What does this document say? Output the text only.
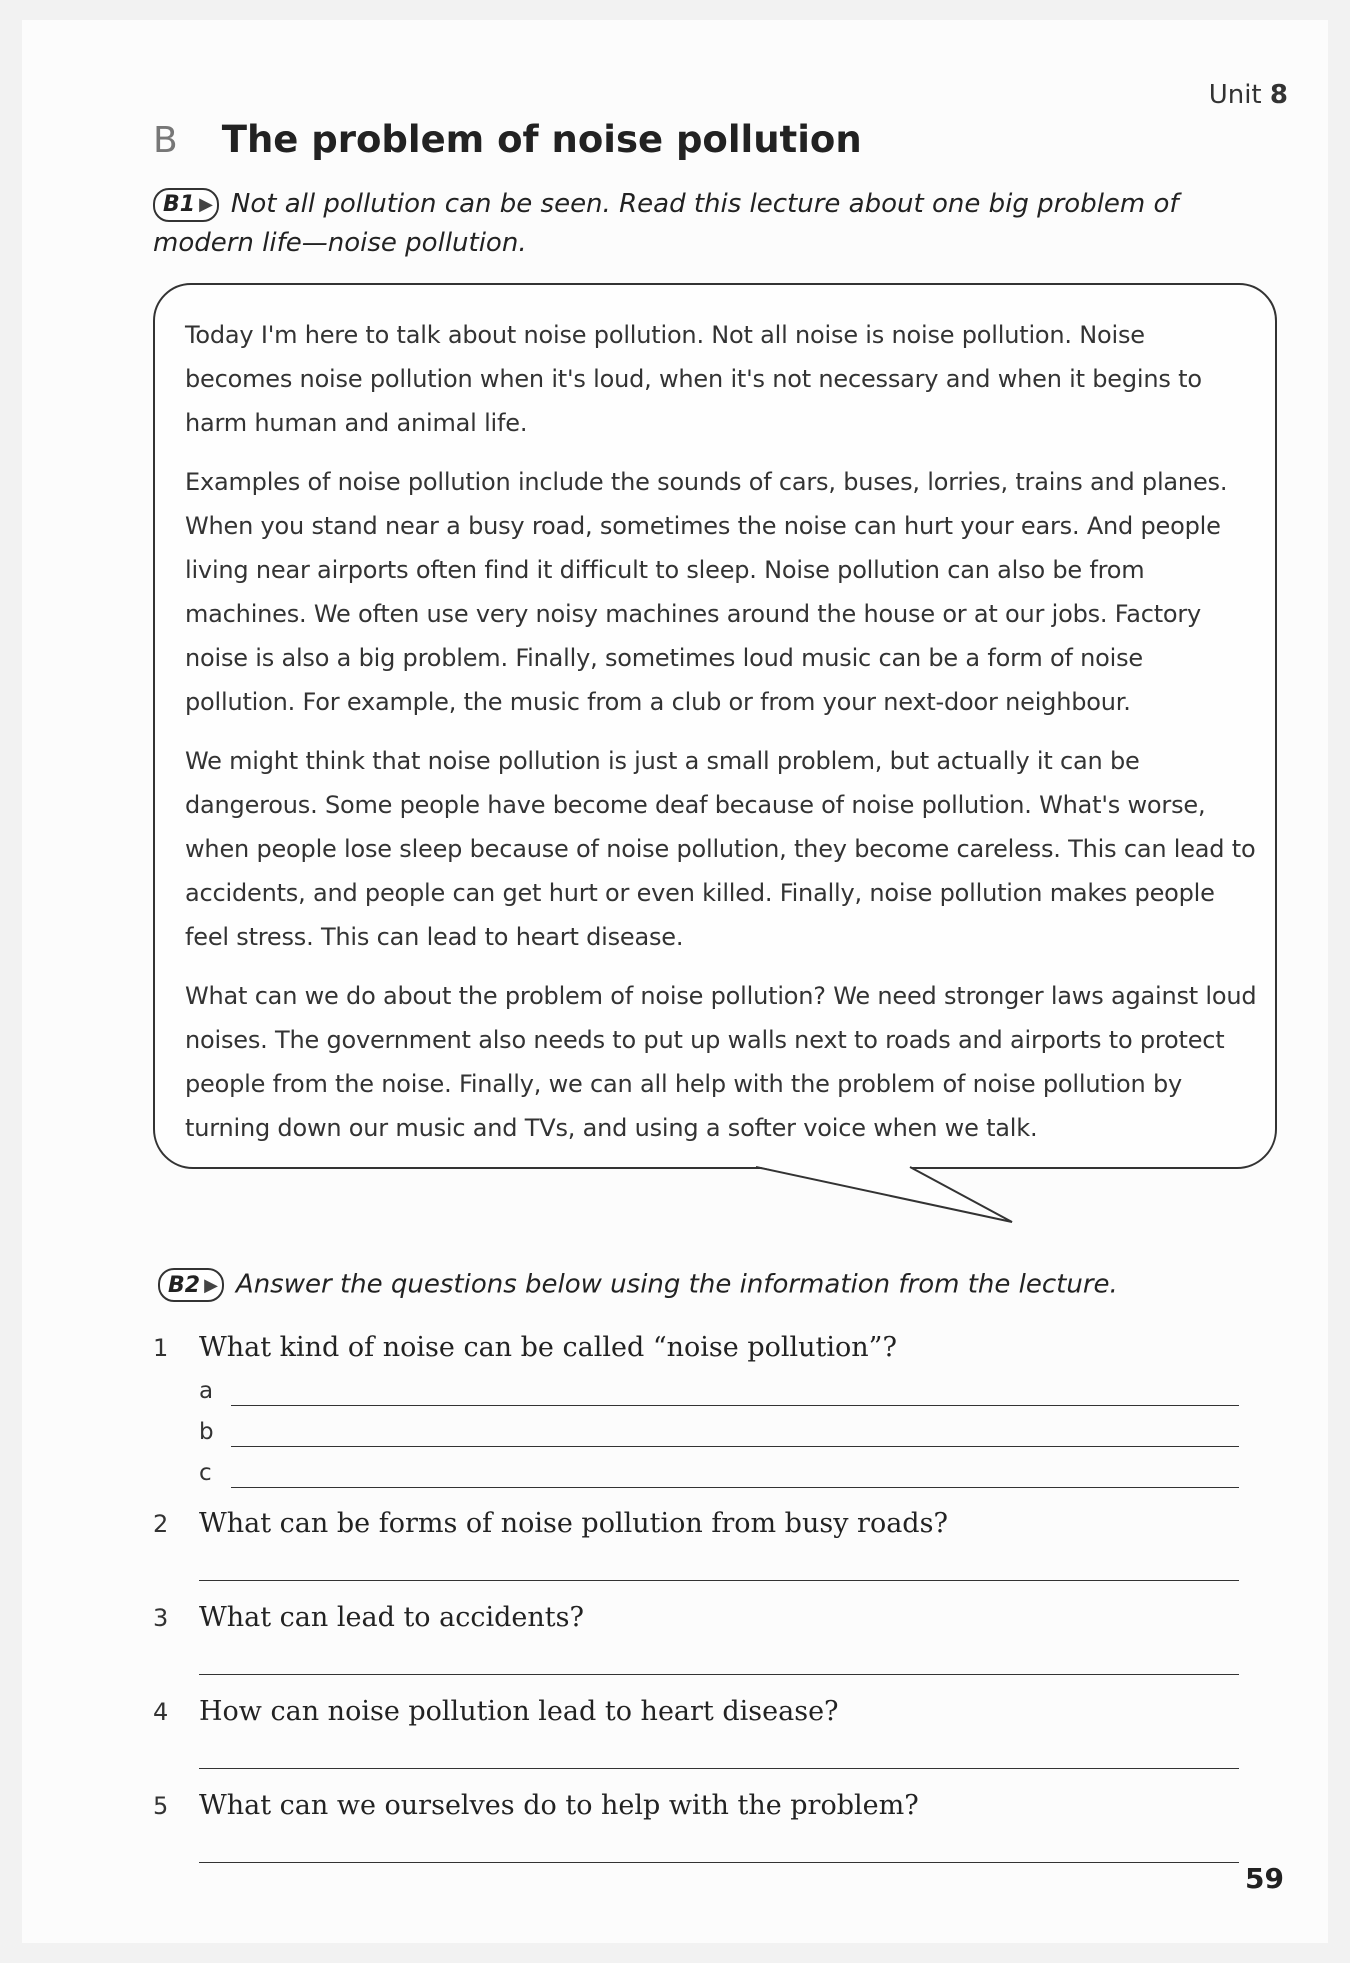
Unit 8
B The problem of noise pollution
B1 ▶ Not all pollution can be seen. Read this lecture about one big problem of modern life—noise pollution.

Today I'm here to talk about noise pollution. Not all noise is noise pollution. Noise becomes noise pollution when it's loud, when it's not necessary and when it begins to harm human and animal life.

Examples of noise pollution include the sounds of cars, buses, lorries, trains and planes. When you stand near a busy road, sometimes the noise can hurt your ears. And people living near airports often find it difficult to sleep. Noise pollution can also be from machines. We often use very noisy machines around the house or at our jobs. Factory noise is also a big problem. Finally, sometimes loud music can be a form of noise pollution. For example, the music from a club or from your next-door neighbour.

We might think that noise pollution is just a small problem, but actually it can be dangerous. Some people have become deaf because of noise pollution. What's worse, when people lose sleep because of noise pollution, they become careless. This can lead to accidents, and people can get hurt or even killed. Finally, noise pollution makes people feel stress. This can lead to heart disease.

What can we do about the problem of noise pollution? We need stronger laws against loud noises. The government also needs to put up walls next to roads and airports to protect people from the noise. Finally, we can all help with the problem of noise pollution by turning down our music and TVs, and using a softer voice when we talk.

B2 ▶ Answer the questions below using the information from the lecture.
1 What kind of noise can be called “noise pollution”?
a
b
c
2 What can be forms of noise pollution from busy roads?
3 What can lead to accidents?
4 How can noise pollution lead to heart disease?
5 What can we ourselves do to help with the problem?
59
